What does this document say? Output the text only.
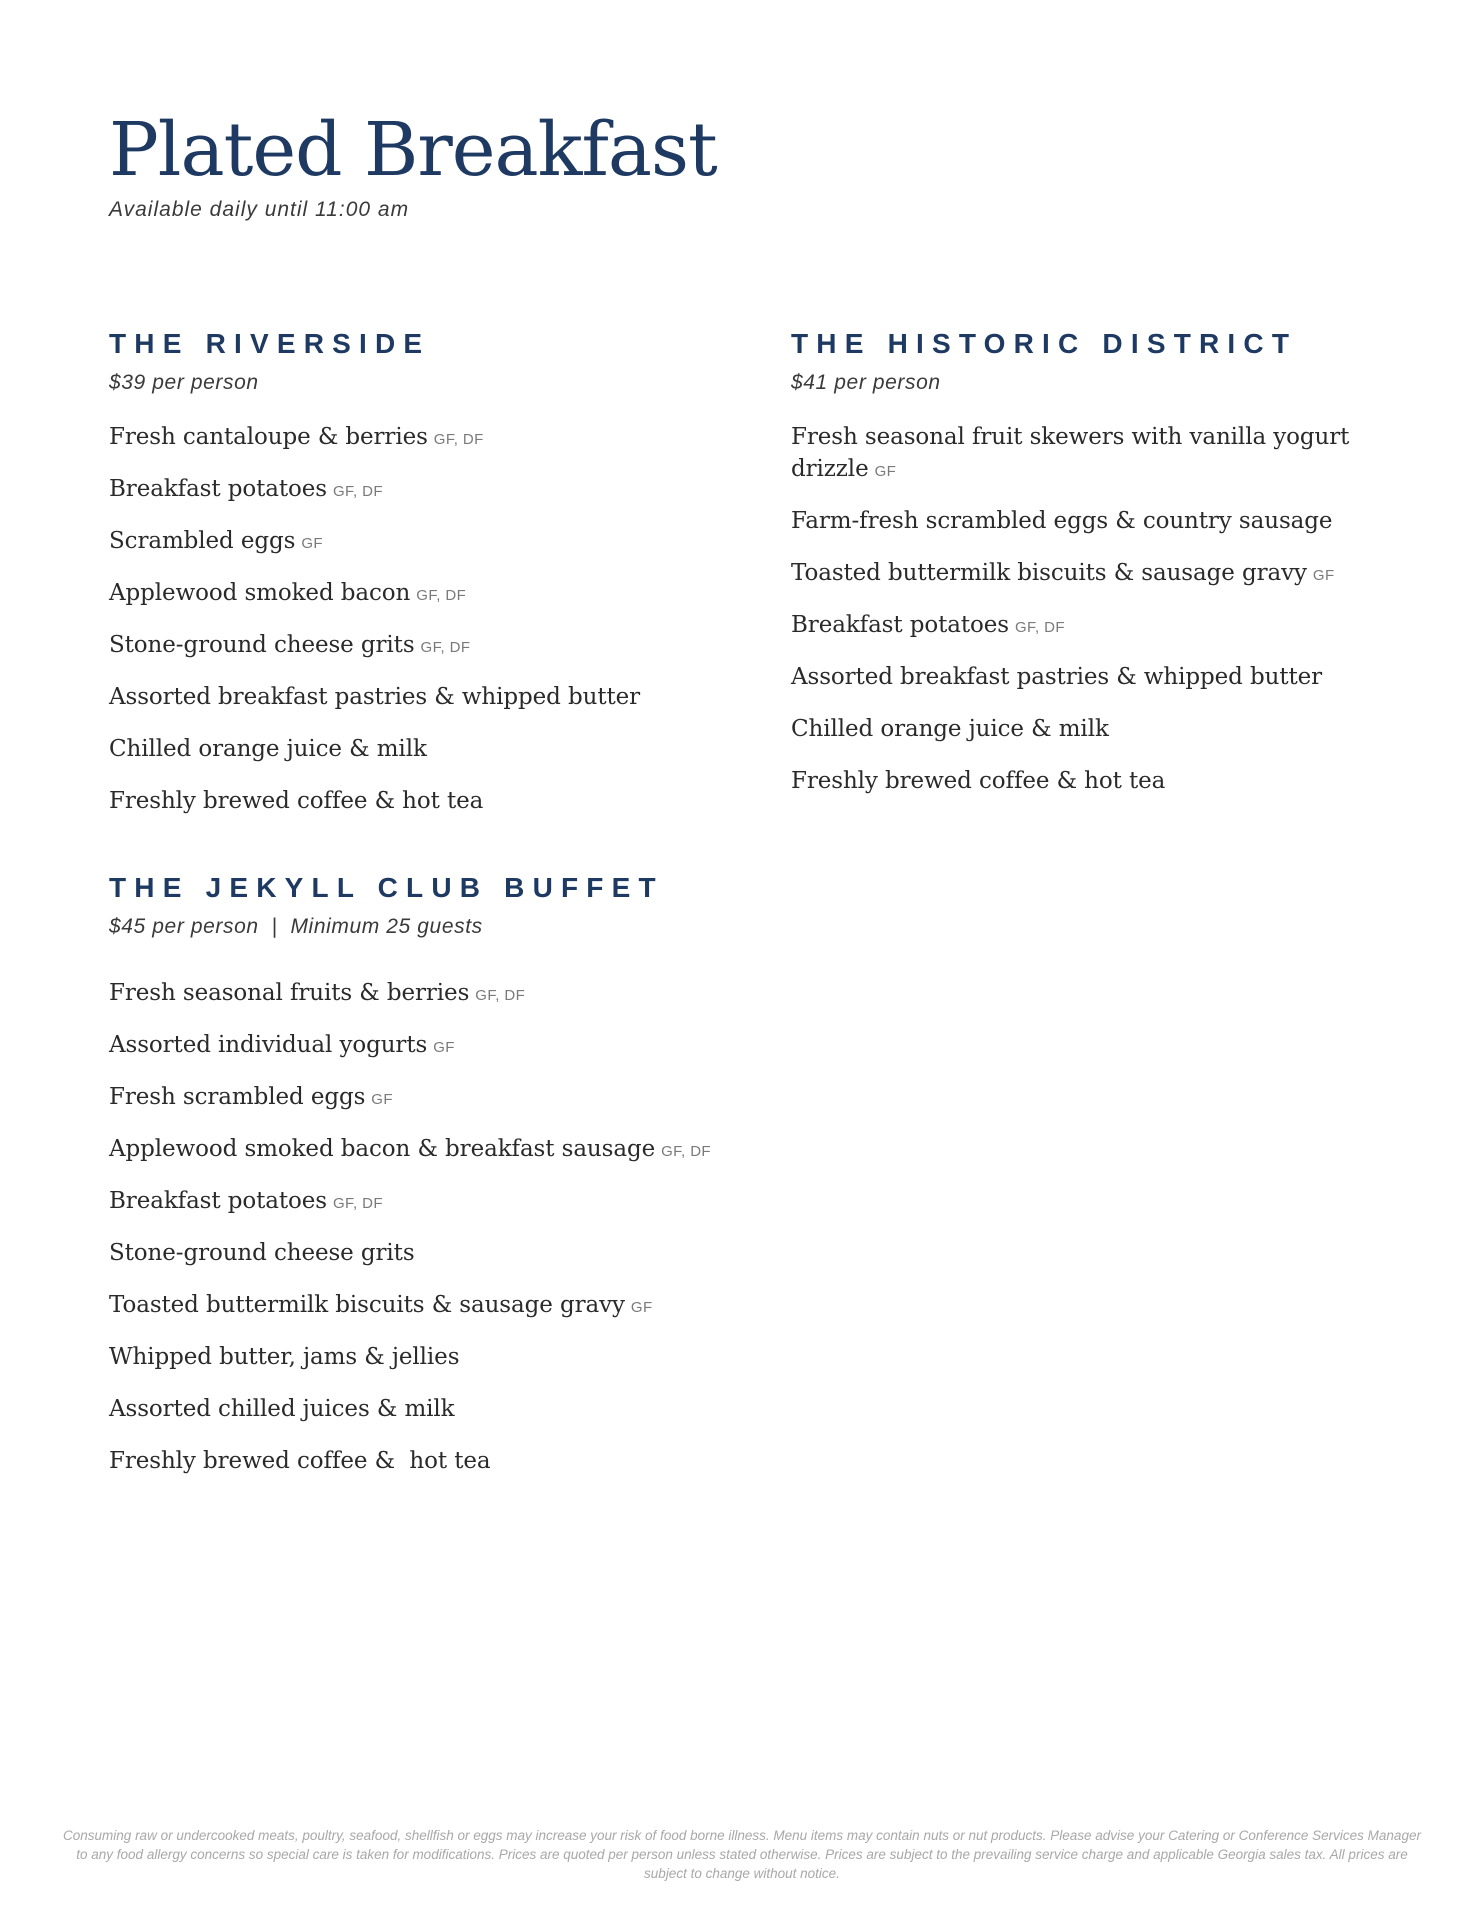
Plated Breakfast
Available daily until 11:00 am
THE RIVERSIDE
$39 per person
Fresh cantaloupe & berries GF, DF
Breakfast potatoes GF, DF
Scrambled eggs GF
Applewood smoked bacon GF, DF
Stone-ground cheese grits GF, DF
Assorted breakfast pastries & whipped butter
Chilled orange juice & milk
Freshly brewed coffee & hot tea
THE HISTORIC DISTRICT
$41 per person
Fresh seasonal fruit skewers with vanilla yogurt drizzle GF
Farm-fresh scrambled eggs & country sausage
Toasted buttermilk biscuits & sausage gravy GF
Breakfast potatoes GF, DF
Assorted breakfast pastries & whipped butter
Chilled orange juice & milk
Freshly brewed coffee & hot tea
THE JEKYLL CLUB BUFFET
$45 per person  |  Minimum 25 guests
Fresh seasonal fruits & berries GF, DF
Assorted individual yogurts GF
Fresh scrambled eggs GF
Applewood smoked bacon & breakfast sausage GF, DF
Breakfast potatoes GF, DF
Stone-ground cheese grits
Toasted buttermilk biscuits & sausage gravy GF
Whipped butter, jams & jellies
Assorted chilled juices & milk
Freshly brewed coffee &  hot tea
Consuming raw or undercooked meats, poultry, seafood, shellfish or eggs may increase your risk of food borne illness. Menu items may contain nuts or nut products. Please advise your Catering or Conference Services Manager to any food allergy concerns so special care is taken for modifications. Prices are quoted per person unless stated otherwise. Prices are subject to the prevailing service charge and applicable Georgia sales tax. All prices are subject to change without notice.
